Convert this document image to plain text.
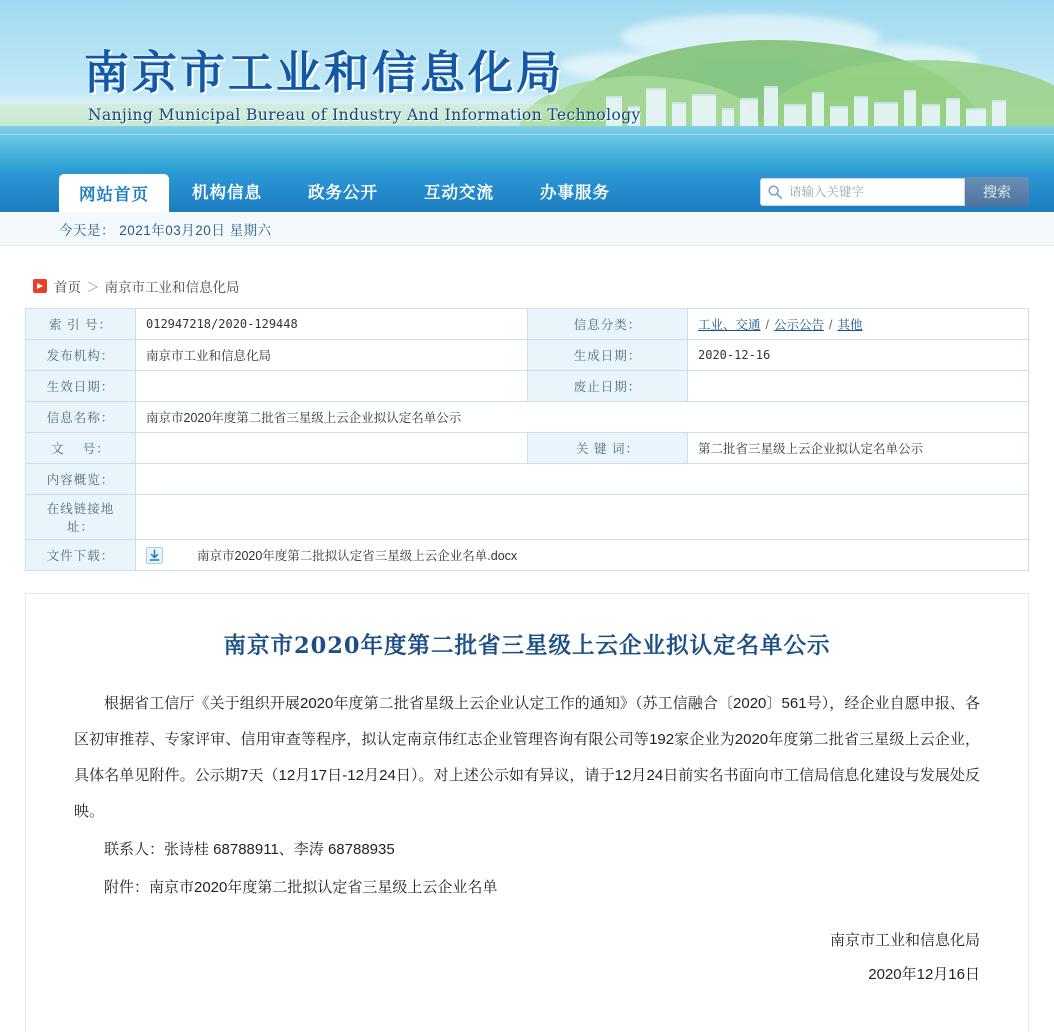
南京市工业和信息化局
Nanjing Municipal Bureau of Industry And Information Technology
网站首页	机构信息	政务公开	互动交流	办事服务
请输入关键字	搜索
今天是： 2021年03月20日 星期六
首页 ＞ 南京市工业和信息化局
索 引 号：	012947218/2020-129448	信息分类：	工业、交通 / 公示公告 / 其他
发布机构：	南京市工业和信息化局	生成日期：	2020-12-16
生效日期：		废止日期：	
信息名称：	南京市2020年度第二批省三星级上云企业拟认定名单公示		
文　 号：		关 键 词：	第二批省三星级上云企业拟认定名单公示
内容概览：			
在线链接地址：			
文件下载：	南京市2020年度第二批拟认定省三星级上云企业名单.docx		
南京市2020年度第二批省三星级上云企业拟认定名单公示

根据省工信厅《关于组织开展2020年度第二批省星级上云企业认定工作的通知》（苏工信融合〔2020〕561号），经企业自愿申报、各区初审推荐、专家评审、信用审查等程序，拟认定南京伟红志企业管理咨询有限公司等192家企业为2020年度第二批省三星级上云企业，具体名单见附件。公示期7天（12月17日-12月24日）。对上述公示如有异议，请于12月24日前实名书面向市工信局信息化建设与发展处反映。

联系人：张诗桂 68788911、李涛 68788935

附件：南京市2020年度第二批拟认定省三星级上云企业名单

南京市工业和信息化局
2020年12月16日
